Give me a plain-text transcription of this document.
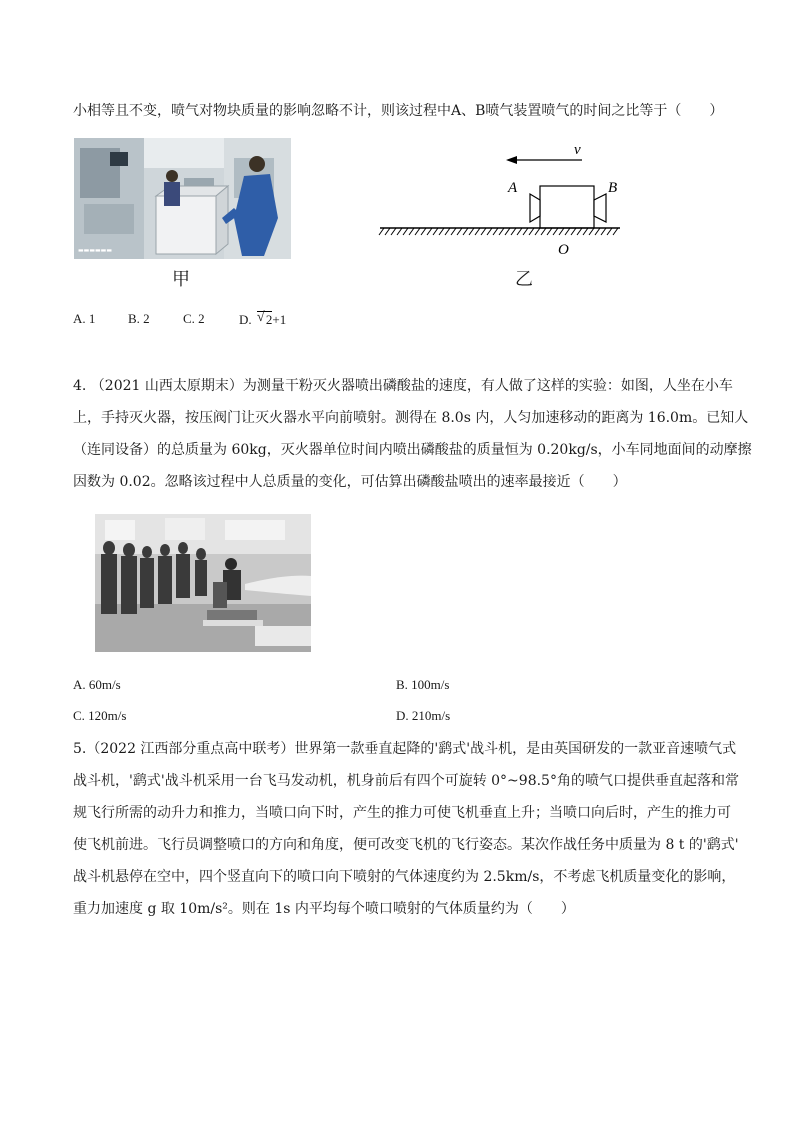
小相等且不变，喷气对物块质量的影响忽略不计，则该过程中A、B喷气装置喷气的时间之比等于（　　）
▬▬▬▬▬▬
甲
v
A	B
O
乙
A. 1	B. 2	C. 2	D. √ 2+1
4. （2021 山西太原期末）为测量干粉灭火器喷出磷酸盐的速度，有人做了这样的实验：如图，人坐在小车
上，手持灭火器，按压阀门让灭火器水平向前喷射。测得在 8.0s 内，人匀加速移动的距离为 16.0m。已知人
（连同设备）的总质量为 60kg，灭火器单位时间内喷出磷酸盐的质量恒为 0.20kg/s，小车同地面间的动摩擦
因数为 0.02。忽略该过程中人总质量的变化，可估算出磷酸盐喷出的速率最接近（　　）
A. 60m/s	B. 100m/s
C. 120m/s	D. 210m/s
5.（2022 江西部分重点高中联考）世界第一款垂直起降的'鹞式'战斗机，是由英国研发的一款亚音速喷气式
战斗机，'鹞式'战斗机采用一台飞马发动机，机身前后有四个可旋转 0°~98.5°角的喷气口提供垂直起落和常
规飞行所需的动升力和推力，当喷口向下时，产生的推力可使飞机垂直上升；当喷口向后时，产生的推力可
使飞机前进。飞行员调整喷口的方向和角度，便可改变飞机的飞行姿态。某次作战任务中质量为 8 t 的'鹞式'
战斗机悬停在空中，四个竖直向下的喷口向下喷射的气体速度约为 2.5km/s，不考虑飞机质量变化的影响，
重力加速度 g 取 10m/s²。则在 1s 内平均每个喷口喷射的气体质量约为（　　）
